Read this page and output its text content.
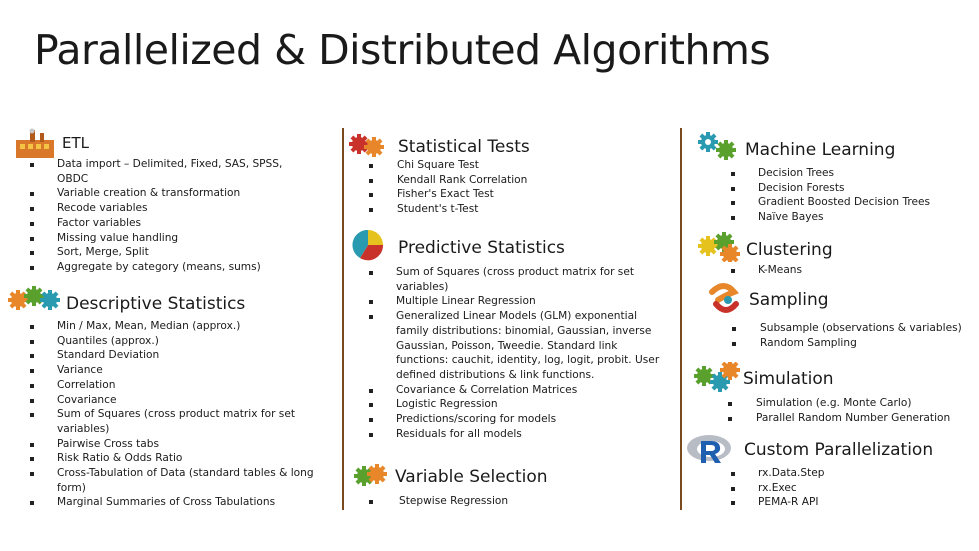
Parallelized & Distributed Algorithms
ETL
Data import – Delimited, Fixed, SAS, SPSS, OBDC
Variable creation & transformation
Recode variables
Factor variables
Missing value handling
Sort, Merge, Split
Aggregate by category (means, sums)
Descriptive Statistics
Min / Max, Mean, Median (approx.)
Quantiles (approx.)
Standard Deviation
Variance
Correlation
Covariance
Sum of Squares (cross product matrix for set variables)
Pairwise Cross tabs
Risk Ratio & Odds Ratio
Cross-Tabulation of Data (standard tables & long form)
Marginal Summaries of Cross Tabulations
Statistical Tests
Chi Square Test
Kendall Rank Correlation
Fisher's Exact Test
Student's t-Test
Predictive Statistics
Sum of Squares (cross product matrix for set variables)
Multiple Linear Regression
Generalized Linear Models (GLM) exponential family distributions: binomial, Gaussian, inverse Gaussian, Poisson, Tweedie. Standard link functions: cauchit, identity, log, logit, probit. User defined distributions & link functions.
Covariance & Correlation Matrices
Logistic Regression
Predictions/scoring for models
Residuals for all models
Variable Selection
Stepwise Regression
Machine Learning
Decision Trees
Decision Forests
Gradient Boosted Decision Trees
Naïve Bayes
Clustering
K-Means
Sampling
Subsample (observations & variables)
Random Sampling
Simulation
Simulation (e.g. Monte Carlo)
Parallel Random Number Generation
Custom Parallelization
rx.Data.Step
rx.Exec
PEMA-R API
